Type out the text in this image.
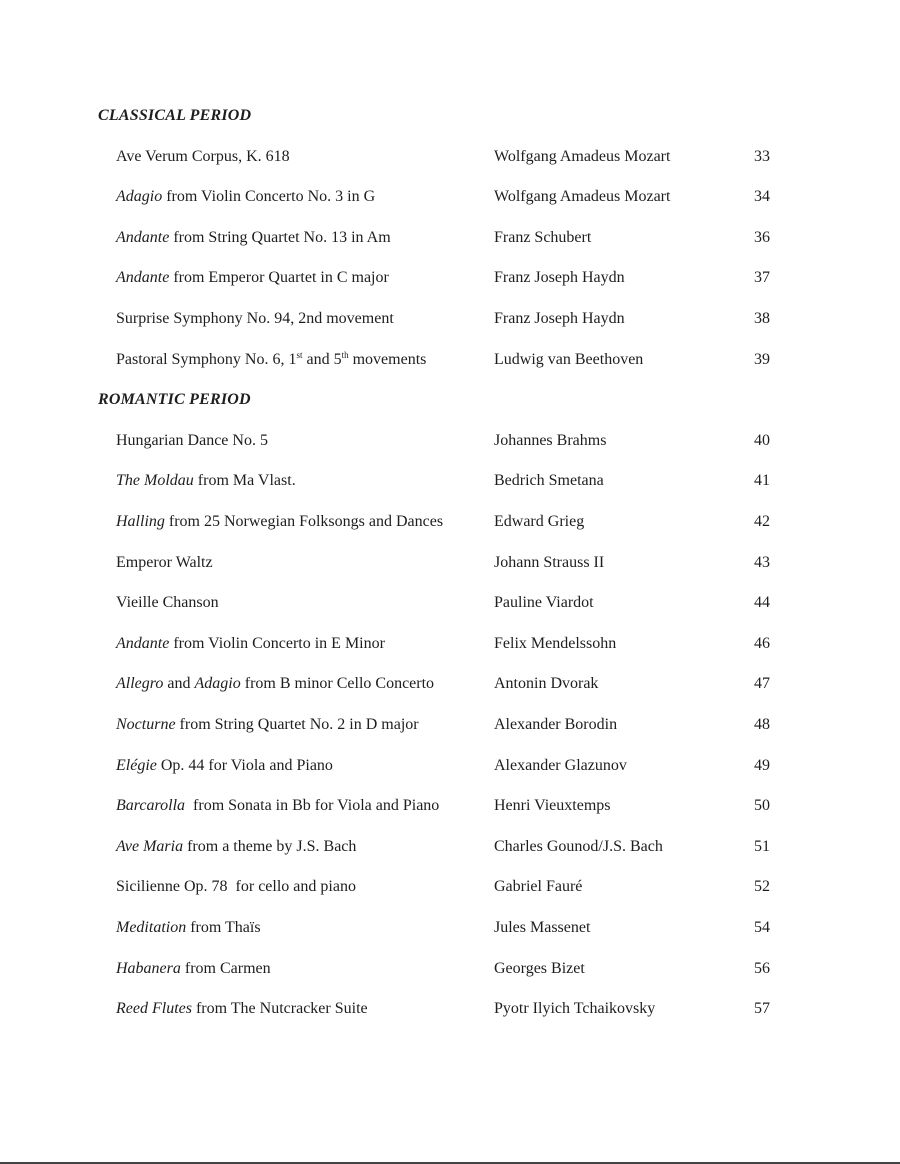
CLASSICAL PERIOD
Ave Verum Corpus, K. 618	Wolfgang Amadeus Mozart	33
Adagio from Violin Concerto No. 3 in G	Wolfgang Amadeus Mozart	34
Andante from String Quartet No. 13 in Am	Franz Schubert	36
Andante from Emperor Quartet in C major	Franz Joseph Haydn	37
Surprise Symphony No. 94, 2nd movement	Franz Joseph Haydn	38
Pastoral Symphony No. 6, 1st and 5th movements	Ludwig van Beethoven	39
ROMANTIC PERIOD
Hungarian Dance No. 5	Johannes Brahms	40
The Moldau from Ma Vlast.	Bedrich Smetana	41
Halling from 25 Norwegian Folksongs and Dances	Edward Grieg	42
Emperor Waltz	Johann Strauss II	43
Vieille Chanson	Pauline Viardot	44
Andante from Violin Concerto in E Minor	Felix Mendelssohn	46
Allegro and Adagio from B minor Cello Concerto	Antonin Dvorak	47
Nocturne from String Quartet No. 2 in D major	Alexander Borodin	48
Elégie Op. 44 for Viola and Piano	Alexander Glazunov	49
Barcarolla  from Sonata in Bb for Viola and Piano	Henri Vieuxtemps	50
Ave Maria from a theme by J.S. Bach	Charles Gounod/J.S. Bach	51
Sicilienne Op. 78  for cello and piano	Gabriel Fauré	52
Meditation from Thaïs	Jules Massenet	54
Habanera from Carmen	Georges Bizet	56
Reed Flutes from The Nutcracker Suite	Pyotr Ilyich Tchaikovsky	57
